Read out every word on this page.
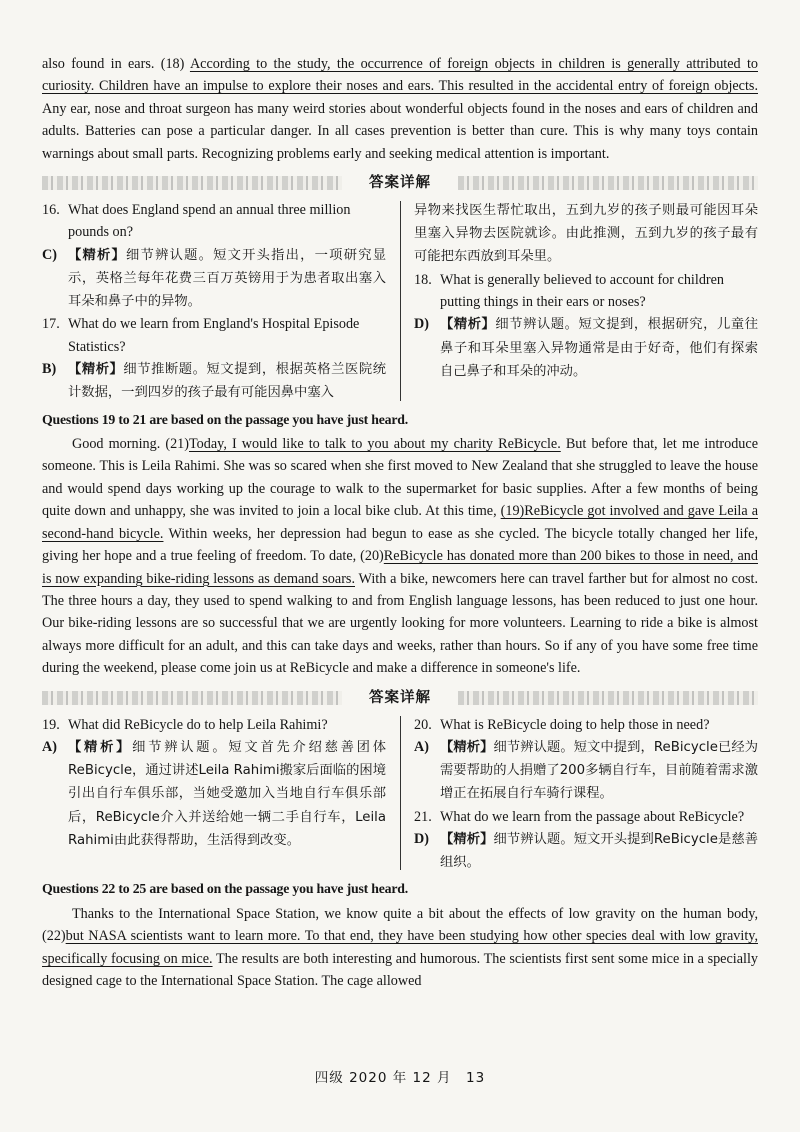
also found in ears. (18) According to the study, the occurrence of foreign objects in children is generally attributed to curiosity. Children have an impulse to explore their noses and ears. This resulted in the accidental entry of foreign objects. Any ear, nose and throat surgeon has many weird stories about wonderful objects found in the noses and ears of children and adults. Batteries can pose a particular danger. In all cases prevention is better than cure. This is why many toys contain warnings about small parts. Recognizing problems early and seeking medical attention is important.

答案详解
16. What does England spend an annual three million pounds on?
C) 【精析】细节辨认题。短文开头指出，一项研究显示，英格兰每年花费三百万英镑用于为患者取出塞入耳朵和鼻子中的异物。
17. What do we learn from England's Hospital Episode Statistics?
B) 【精析】细节推断题。短文提到，根据英格兰医院统计数据，一到四岁的孩子最有可能因鼻中塞入
异物来找医生帮忙取出，五到九岁的孩子则最可能因耳朵里塞入异物去医院就诊。由此推测，五到九岁的孩子最有可能把东西放到耳朵里。
18. What is generally believed to account for children putting things in their ears or noses?
D) 【精析】细节辨认题。短文提到，根据研究，儿童往鼻子和耳朵里塞入异物通常是由于好奇，他们有探索自己鼻子和耳朵的冲动。
Questions 19 to 21 are based on the passage you have just heard.

Good morning. (21)Today, I would like to talk to you about my charity ReBicycle. But before that, let me introduce someone. This is Leila Rahimi. She was so scared when she first moved to New Zealand that she struggled to leave the house and would spend days working up the courage to walk to the supermarket for basic supplies. After a few months of being quite down and unhappy, she was invited to join a local bike club. At this time, (19)ReBicycle got involved and gave Leila a second-hand bicycle. Within weeks, her depression had begun to ease as she cycled. The bicycle totally changed her life, giving her hope and a true feeling of freedom. To date, (20)ReBicycle has donated more than 200 bikes to those in need, and is now expanding bike-riding lessons as demand soars. With a bike, newcomers here can travel farther but for almost no cost. The three hours a day, they used to spend walking to and from English language lessons, has been reduced to just one hour. Our bike-riding lessons are so successful that we are urgently looking for more volunteers. Learning to ride a bike is almost always more difficult for an adult, and this can take days and weeks, rather than hours. So if any of you have some free time during the weekend, please come join us at ReBicycle and make a difference in someone's life.

答案详解
19. What did ReBicycle do to help Leila Rahimi?
A) 【精析】细节辨认题。短文首先介绍慈善团体ReBicycle，通过讲述Leila Rahimi搬家后面临的困境引出自行车俱乐部，当她受邀加入当地自行车俱乐部后，ReBicycle介入并送给她一辆二手自行车，Leila Rahimi由此获得帮助，生活得到改变。
20. What is ReBicycle doing to help those in need?
A) 【精析】细节辨认题。短文中提到，ReBicycle已经为需要帮助的人捐赠了200多辆自行车，目前随着需求激增正在拓展自行车骑行课程。
21. What do we learn from the passage about ReBicycle?
D) 【精析】细节辨认题。短文开头提到ReBicycle是慈善组织。
Questions 22 to 25 are based on the passage you have just heard.

Thanks to the International Space Station, we know quite a bit about the effects of low gravity on the human body, (22)but NASA scientists want to learn more. To that end, they have been studying how other species deal with low gravity, specifically focusing on mice. The results are both interesting and humorous. The scientists first sent some mice in a specially designed cage to the International Space Station. The cage allowed

四级 2020 年 12 月　13
